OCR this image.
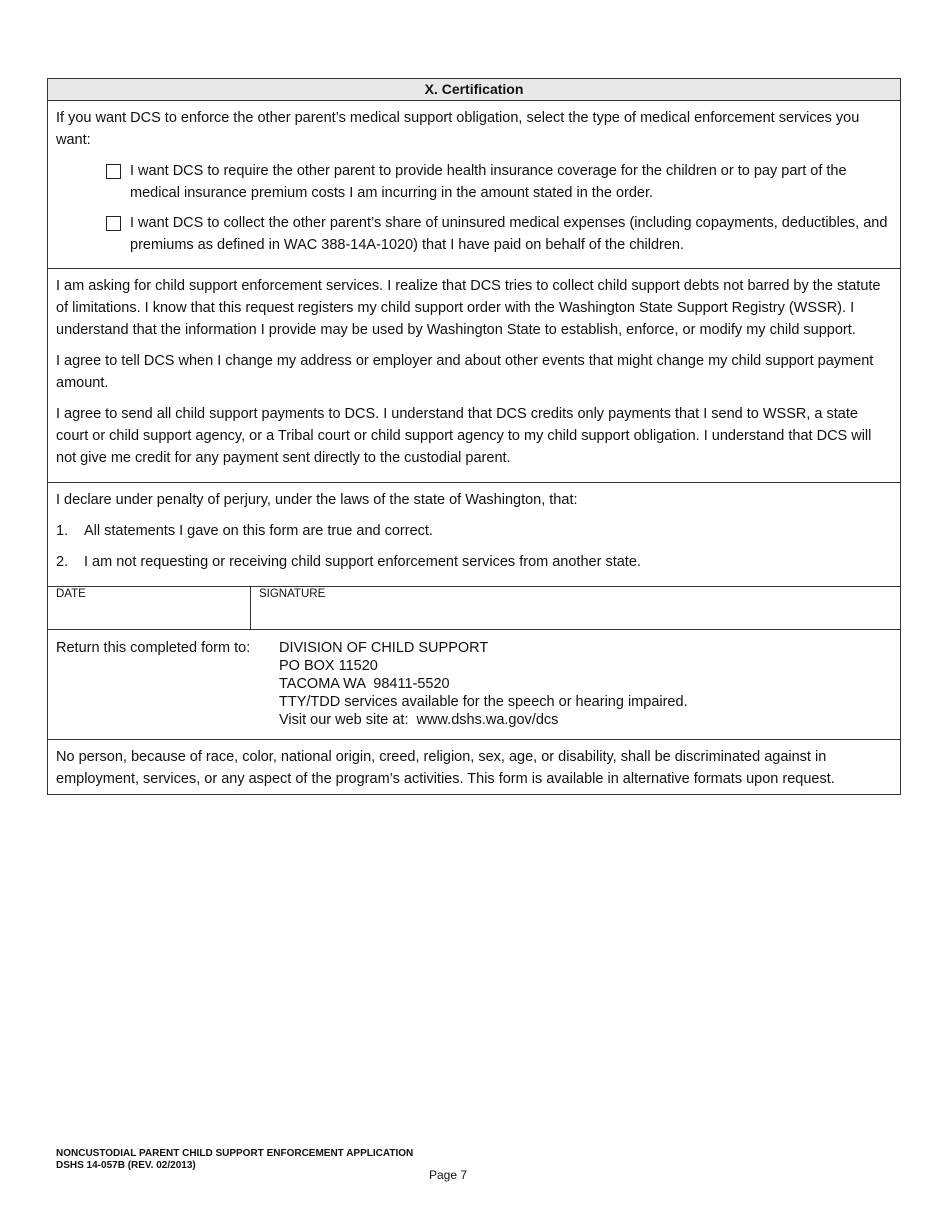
X. Certification

If you want DCS to enforce the other parent’s medical support obligation, select the type of medical enforcement services you want:

I want DCS to require the other parent to provide health insurance coverage for the children or to pay part of the medical insurance premium costs I am incurring in the amount stated in the order.
I want DCS to collect the other parent’s share of uninsured medical expenses (including copayments, deductibles, and premiums as defined in WAC 388-14A-1020) that I have paid on behalf of the children.

I am asking for child support enforcement services. I realize that DCS tries to collect child support debts not barred by the statute of limitations. I know that this request registers my child support order with the Washington State Support Registry (WSSR). I understand that the information I provide may be used by Washington State to establish, enforce, or modify my child support.

I agree to tell DCS when I change my address or employer and about other events that might change my child support payment amount.

I agree to send all child support payments to DCS. I understand that DCS credits only payments that I send to WSSR, a state court or child support agency, or a Tribal court or child support agency to my child support obligation. I understand that DCS will not give me credit for any payment sent directly to the custodial parent.

I declare under penalty of perjury, under the laws of the state of Washington, that:

1.	All statements I gave on this form are true and correct.
2.	I am not requesting or receiving child support enforcement services from another state.
DATE	SIGNATURE
Return this completed form to:	DIVISION OF CHILD SUPPORT
PO BOX 11520
TACOMA WA  98411-5520
TTY/TDD services available for the speech or hearing impaired.
Visit our web site at:  www.dshs.wa.gov/dcs

No person, because of race, color, national origin, creed, religion, sex, age, or disability, shall be discriminated against in employment, services, or any aspect of the program’s activities. This form is available in alternative formats upon request.

NONCUSTODIAL PARENT CHILD SUPPORT ENFORCEMENT APPLICATION
DSHS 14-057B (REV. 02/2013)
Page 7
